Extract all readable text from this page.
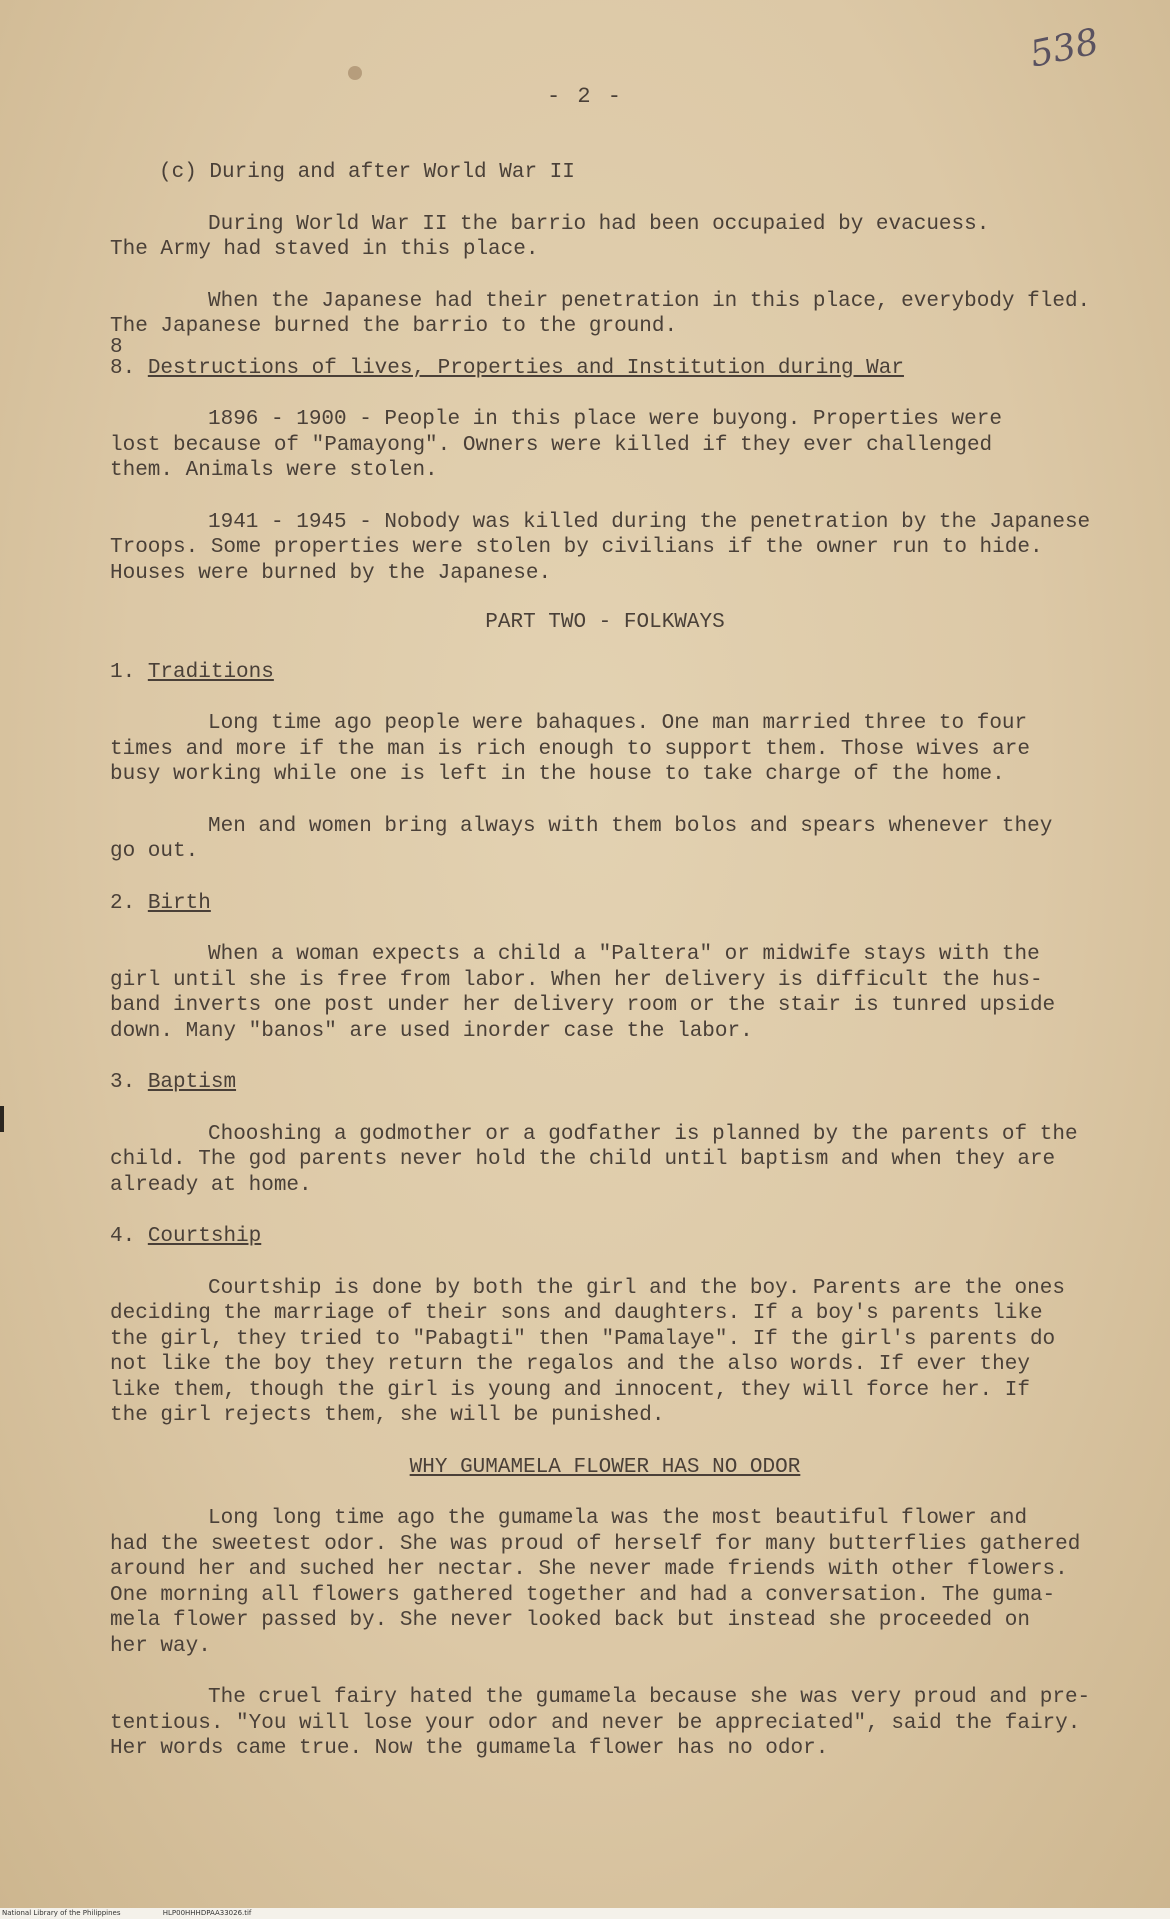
- 2 -
538
(c) During and after World War II
During World War II the barrio had been occupaied by evacuess.
The Army had staved in this place.
When the Japanese had their penetration in this place, everybody fled.
The Japanese burned the barrio to the ground.
8
8. Destructions of lives, Properties and Institution during War
1896 - 1900 - People in this place were buyong. Properties were
lost because of "Pamayong". Owners were killed if they ever challenged
them. Animals were stolen.
1941 - 1945 - Nobody was killed during the penetration by the Japanese
Troops. Some properties were stolen by civilians if the owner run to hide.
Houses were burned by the Japanese.
PART TWO - FOLKWAYS
1. Traditions
Long time ago people were bahaques. One man married three to four
times and more if the man is rich enough to support them. Those wives are
busy working while one is left in the house to take charge of the home.
Men and women bring always with them bolos and spears whenever they
go out.
2. Birth
When a woman expects a child a "Paltera" or midwife stays with the
girl until she is free from labor. When her delivery is difficult the hus-
band inverts one post under her delivery room or the stair is tunred upside
down. Many "banos" are used inorder case the labor.
3. Baptism
Chooshing a godmother or a godfather is planned by the parents of the
child. The god parents never hold the child until baptism and when they are
already at home.
4. Courtship
Courtship is done by both the girl and the boy. Parents are the ones
deciding the marriage of their sons and daughters. If a boy's parents like
the girl, they tried to "Pabagti" then "Pamalaye". If the girl's parents do
not like the boy they return the regalos and the also words. If ever they
like them, though the girl is young and innocent, they will force her. If
the girl rejects them, she will be punished.
WHY GUMAMELA FLOWER HAS NO ODOR
Long long time ago the gumamela was the most beautiful flower and
had the sweetest odor. She was proud of herself for many butterflies gathered
around her and suched her nectar. She never made friends with other flowers.
One morning all flowers gathered together and had a conversation. The guma-
mela flower passed by. She never looked back but instead she proceeded on
her way.
The cruel fairy hated the gumamela because she was very proud and pre-
tentious. "You will lose your odor and never be appreciated", said the fairy.
Her words came true. Now the gumamela flower has no odor.
National Library of the Philippines	HLP00HHHDPAA33026.tif
